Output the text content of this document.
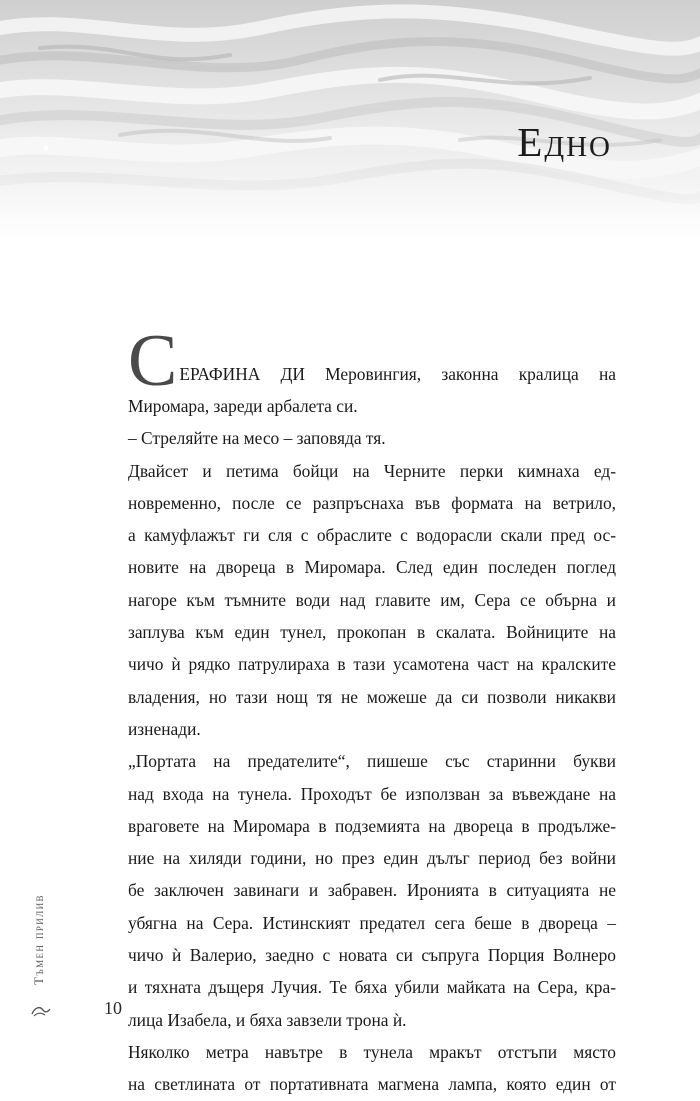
Едно
С ЕРАФИНА ДИ Меровингия, законна кралица на
Миромара, зареди арбалета си.
– Стреляйте на месо – заповяда тя.
Двайсет и петима бойци на Черните перки кимнаха ед-
новременно, после се разпръснаха във формата на ветрило,
а камуфлажът ги сля с обраслите с водорасли скали пред ос-
новите на двореца в Миромара. След един последен поглед
нагоре към тъмните води над главите им, Сера се обърна и
заплува към един тунел, прокопан в скалата. Войниците на
чичо ѝ рядко патрулираха в тази усамотена част на кралските
владения, но тази нощ тя не можеше да си позволи никакви
изненади.
„Портата на предателите“, пишеше със старинни букви
над входа на тунела. Проходът бе използван за въвеждане на
враговете на Миромара в подземията на двореца в продълже-
ние на хиляди години, но през един дълъг период без войни
бе заключен завинаги и забравен. Иронията в ситуацията не
убягна на Сера. Истинският предател сега беше в двореца –
чичо ѝ Валерио, заедно с новата си съпруга Порция Волнеро
и тяхната дъщеря Лучия. Те бяха убили майката на Сера, кра-
лица Изабела, и бяха завзели трона ѝ.
Няколко метра навътре в тунела мракът отстъпи място
на светлината от портативната магмена лампа, която един от
Тъмен прилив
10
